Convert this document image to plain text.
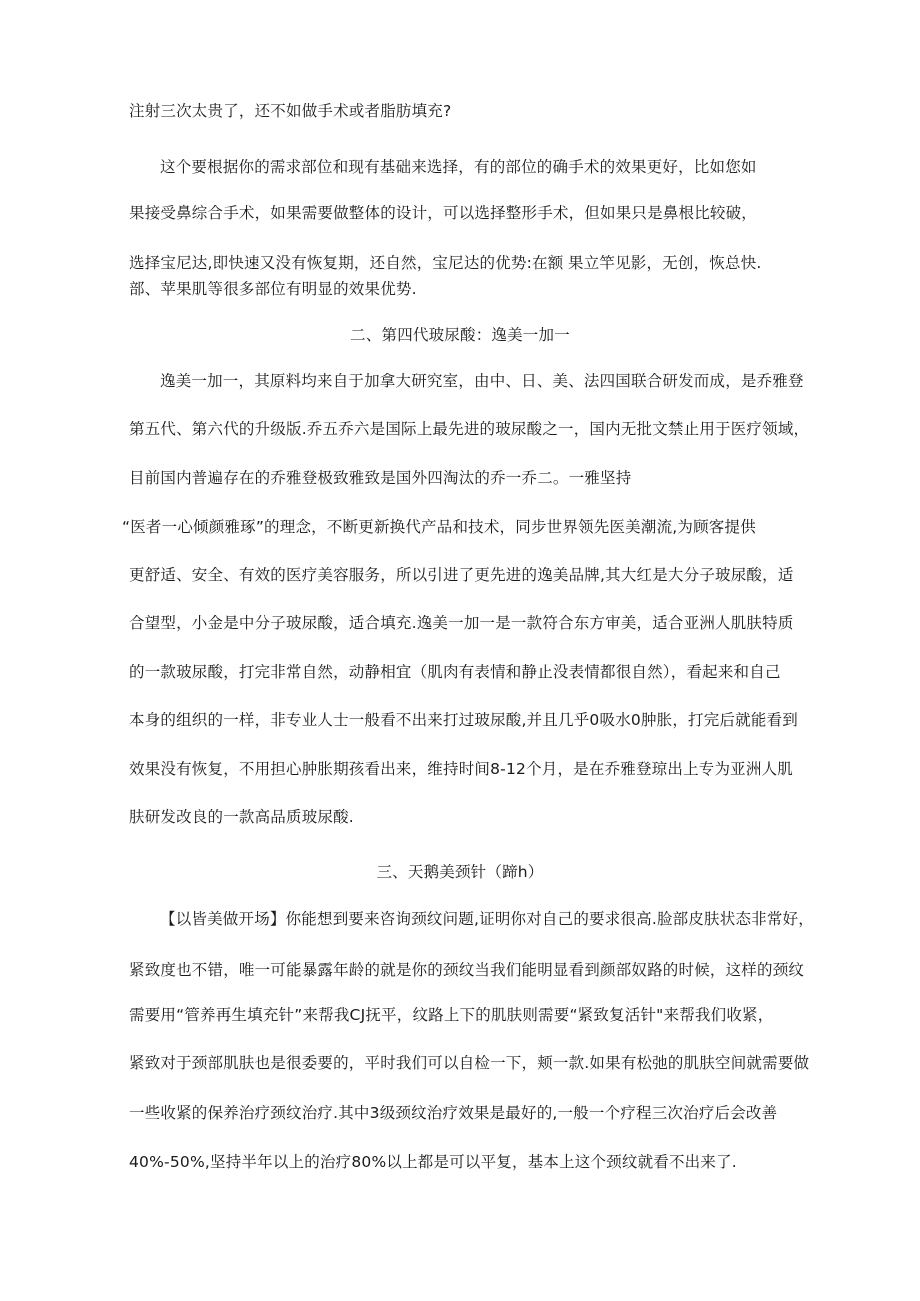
注射三次太贵了，还不如做手术或者脂肪填充?
这个要根据你的需求部位和现有基础来选择，有的部位的确手术的效果更好，比如您如
果接受鼻综合手术，如果需要做整体的设计，可以选择整形手术，但如果只是鼻根比较破，
选择宝尼达,即快速又没有恢复期，还自然，宝尼达的优势:在额 果立竿见影，无创，恢总快.
部、苹果肌等很多部位有明显的效果优势.
二、第四代玻尿酸：逸美一加一
逸美一加一，其原料均来自于加拿大研究室，由中、日、美、法四国联合研发而成，是乔雅登
第五代、第六代的升级版.乔五乔六是国际上最先进的玻尿酸之一，国内无批文禁止用于医疗领域，
目前国内普遍存在的乔雅登极致雅致是国外四淘汰的乔一乔二。一雅坚持
“医者一心倾颜雅琢”的理念，不断更新换代产品和技术，同步世界领先医美潮流,为顾客提供
更舒适、安全、有效的医疗美容服务，所以引进了更先进的逸美品牌,其大红是大分子玻尿酸，适
合望型，小金是中分子玻尿酸，适合填充.逸美一加一是一款符合东方审美，适合亚洲人肌肤特质
的一款玻尿酸，打完非常自然，动静相宜（肌肉有表情和静止没表情都很自然），看起来和自己
本身的组织的一样，非专业人士一般看不出来打过玻尿酸,并且几乎0吸水0肿胀，打完后就能看到
效果没有恢复，不用担心肿胀期孩看出来，维持时间8-12个月，是在乔雅登琼出上专为亚洲人肌
肤研发改良的一款高品质玻尿酸.
三、天鹅美颈针（蹄h）
【以皆美做开场】你能想到要来咨询颈纹问题,证明你对自己的要求很高.脸部皮肤状态非常好，
紧致度也不错，唯一可能暴露年龄的就是你的颈纹当我们能明显看到颜部奴路的时候，这样的颈纹
需要用“管养再生填充针”来帮我CJ抚平，纹路上下的肌肤则需要“紧致复活针"来帮我们收紧，
紧致对于颈部肌肤也是很委要的，平时我们可以自检一下，颊一款.如果有松弛的肌肤空间就需要做
一些收紧的保养治疗颈纹治疗.其中3级颈纹治疗效果是最好的,一般一个疗程三次治疗后会改善
40%-50%,坚持半年以上的治疗80%以上都是可以平复，基本上这个颈纹就看不出来了.
